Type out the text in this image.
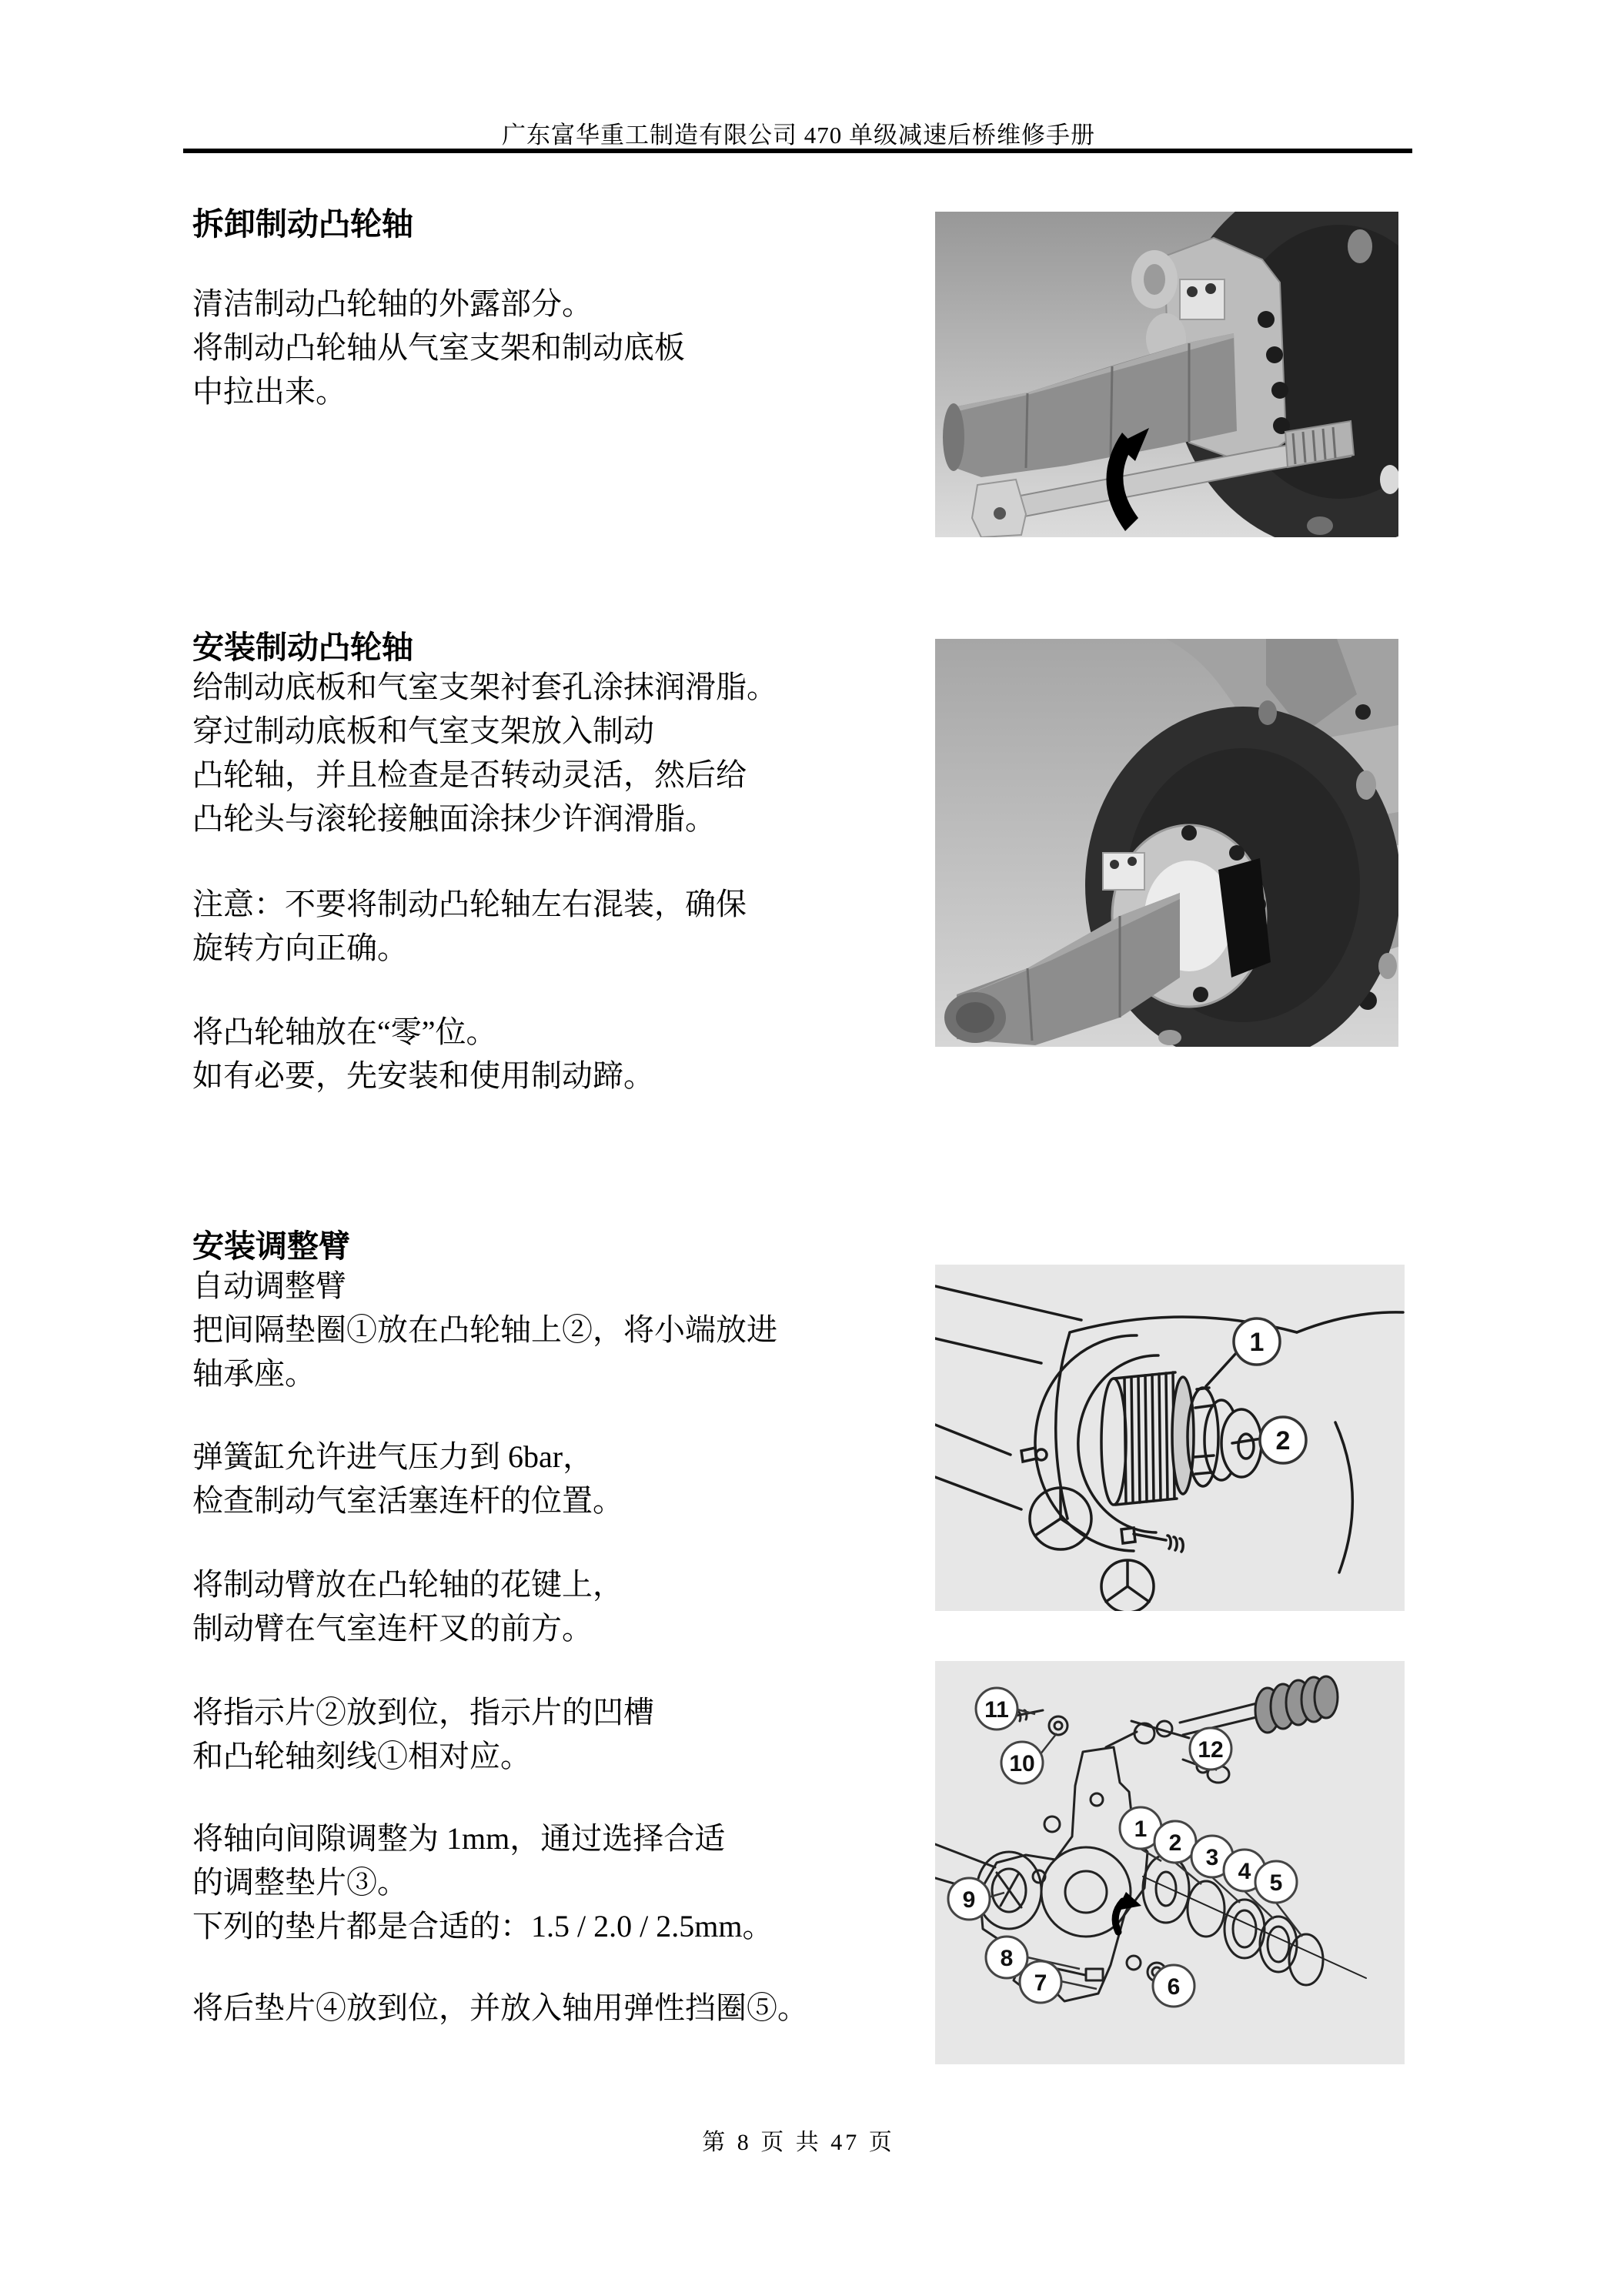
广东富华重工制造有限公司 470 单级减速后桥维修手册
拆卸制动凸轮轴
清洁制动凸轮轴的外露部分。
将制动凸轮轴从气室支架和制动底板
中拉出来。
安装制动凸轮轴
给制动底板和气室支架衬套孔涂抹润滑脂。
穿过制动底板和气室支架放入制动
凸轮轴，并且检查是否转动灵活，然后给
凸轮头与滚轮接触面涂抹少许润滑脂。
注意：不要将制动凸轮轴左右混装，确保
旋转方向正确。
将凸轮轴放在“零”位。
如有必要，先安装和使用制动蹄。
安装调整臂
自动调整臂
把间隔垫圈①放在凸轮轴上②，将小端放进
轴承座。
弹簧缸允许进气压力到 6bar，
检查制动气室活塞连杆的位置。
将制动臂放在凸轮轴的花键上，
制动臂在气室连杆叉的前方。
将指示片②放到位，指示片的凹槽
和凸轮轴刻线①相对应。
将轴向间隙调整为 1mm，通过选择合适
的调整垫片③。
下列的垫片都是合适的：1.5 / 2.0 / 2.5mm。
将后垫片④放到位，并放入轴用弹性挡圈⑤。
1
2
11
10
12
9
1
2
3
4 5
8
7	6
第 8 页 共 47 页
